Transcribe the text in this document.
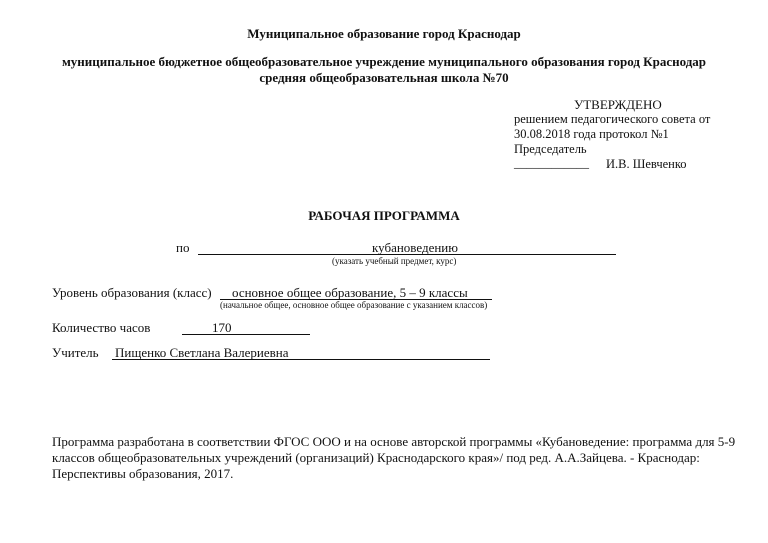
Муниципальное образование город Краснодар
муниципальное бюджетное общеобразовательное учреждение муниципального образования город Краснодар
средняя общеобразовательная школа №70
УТВЕРЖДЕНО
решением педагогического совета от
30.08.2018 года протокол №1
Председатель
____________ И.В. Шевченко
РАБОЧАЯ ПРОГРАММА
по	кубановедению
(указать учебный предмет, курс)
Уровень образования (класс) основное общее образование, 5 – 9 классы
(начальное общее, основное общее образование с указанием классов)
Количество часов	170
Учитель Пищенко Светлана Валериевна
Программа разработана в соответствии ФГОС ООО и на основе авторской программы «Кубановедение: программа для 5-9
классов общеобразовательных учреждений (организаций) Краснодарского края»/ под ред. А.А.Зайцева. - Краснодар:
Перспективы образования, 2017.
